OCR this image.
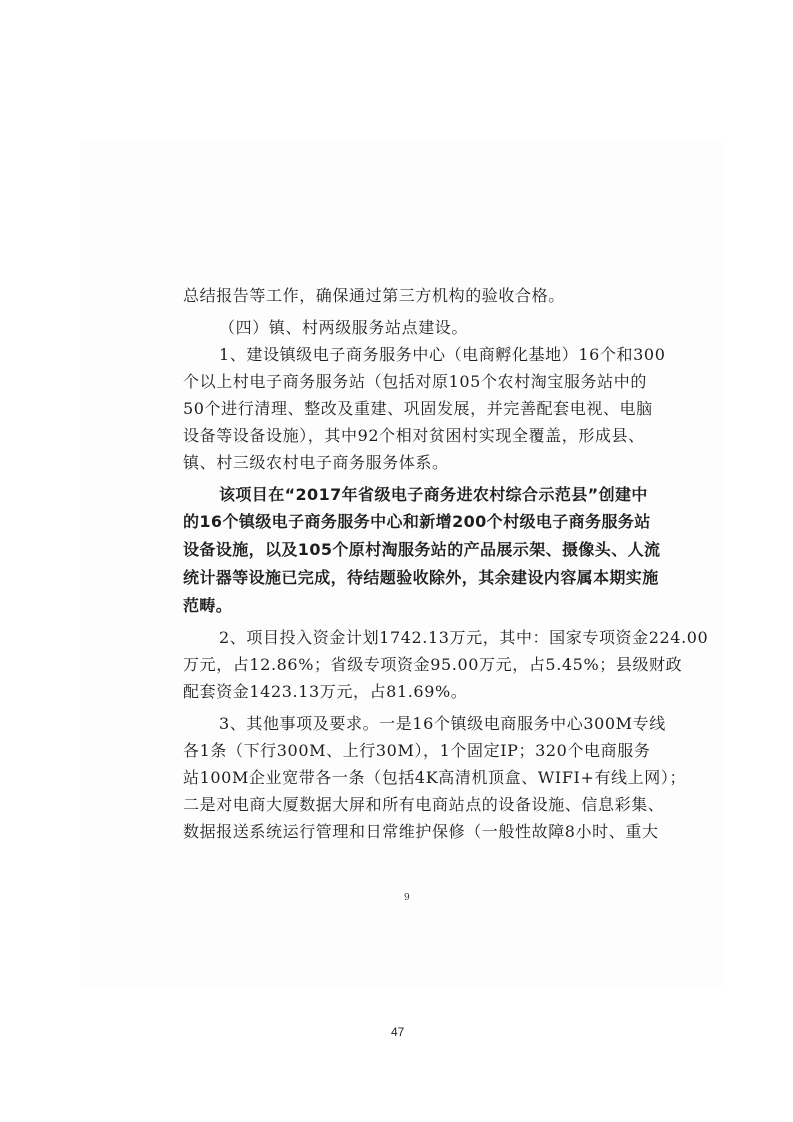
总结报告等工作，确保通过第三方机构的验收合格。
（四）镇、村两级服务站点建设。
1、建设镇级电子商务服务中心（电商孵化基地）16个和300
个以上村电子商务服务站（包括对原105个农村淘宝服务站中的
50个进行清理、整改及重建、巩固发展，并完善配套电视、电脑
设备等设备设施），其中92个相对贫困村实现全覆盖，形成县、
镇、村三级农村电子商务服务体系。
该项目在“2017年省级电子商务进农村综合示范县”创建中
的16个镇级电子商务服务中心和新增200个村级电子商务服务站
设备设施，以及105个原村淘服务站的产品展示架、摄像头、人流
统计器等设施已完成，待结题验收除外，其余建设内容属本期实施
范畴。
2、项目投入资金计划1742.13万元，其中：国家专项资金224.00
万元，占12.86%；省级专项资金95.00万元，占5.45%；县级财政
配套资金1423.13万元，占81.69%。
3、其他事项及要求。一是16个镇级电商服务中心300M专线
各1条（下行300M、上行30M），1个固定IP；320个电商服务
站100M企业宽带各一条（包括4K高清机顶盒、WIFI+有线上网）；
二是对电商大厦数据大屏和所有电商站点的设备设施、信息彩集、
数据报送系统运行管理和日常维护保修（一般性故障8小时、重大
9
47
